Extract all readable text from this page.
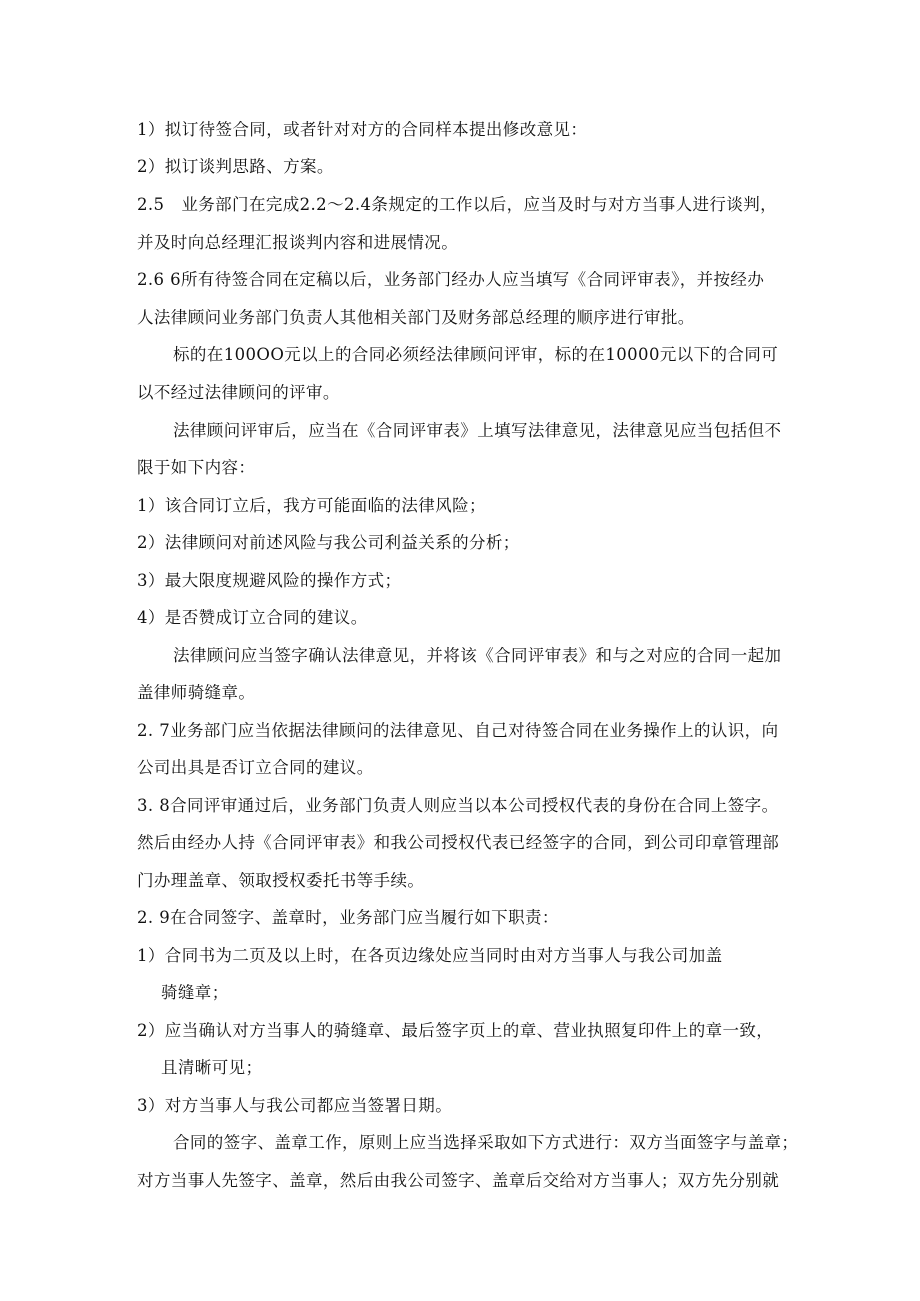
1）拟订待签合同，或者针对对方的合同样本提出修改意见：
2）拟订谈判思路、方案。
2.5　业务部门在完成2.2～2.4条规定的工作以后，应当及时与对方当事人进行谈判，
并及时向总经理汇报谈判内容和进展情况。
2.6 6所有待签合同在定稿以后，业务部门经办人应当填写《合同评审表》，并按经办
人法律顾问业务部门负责人其他相关部门及财务部总经理的顺序进行审批。
标的在100OO元以上的合同必须经法律顾问评审，标的在10000元以下的合同可
以不经过法律顾问的评审。
法律顾问评审后，应当在《合同评审表》上填写法律意见，法律意见应当包括但不
限于如下内容：
1）该合同订立后，我方可能面临的法律风险；
2）法律顾问对前述风险与我公司利益关系的分析；
3）最大限度规避风险的操作方式；
4）是否赞成订立合同的建议。
法律顾问应当签字确认法律意见，并将该《合同评审表》和与之对应的合同一起加
盖律师骑缝章。
2. 7业务部门应当依据法律顾问的法律意见、自己对待签合同在业务操作上的认识，向
公司出具是否订立合同的建议。
3. 8合同评审通过后，业务部门负责人则应当以本公司授权代表的身份在合同上签字。
然后由经办人持《合同评审表》和我公司授权代表已经签字的合同，到公司印章管理部
门办理盖章、领取授权委托书等手续。
2. 9在合同签字、盖章时，业务部门应当履行如下职责：
1）合同书为二页及以上时，在各页边缘处应当同时由对方当事人与我公司加盖
骑缝章；
2）应当确认对方当事人的骑缝章、最后签字页上的章、营业执照复印件上的章一致，
且清晰可见；
3）对方当事人与我公司都应当签署日期。
合同的签字、盖章工作，原则上应当选择采取如下方式进行：双方当面签字与盖章；
对方当事人先签字、盖章，然后由我公司签字、盖章后交给对方当事人；双方先分别就
